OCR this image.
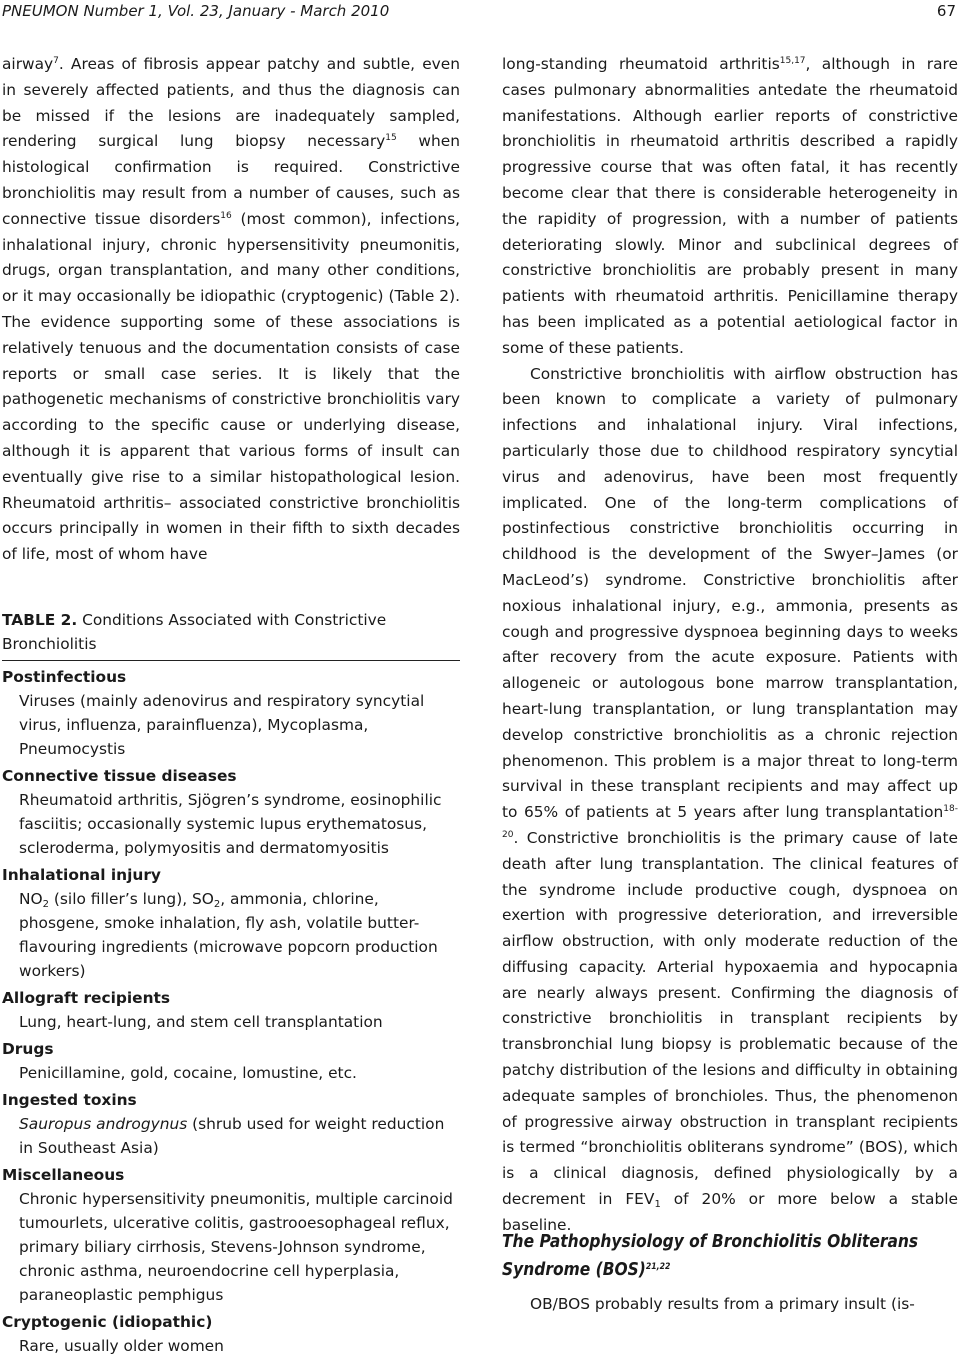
PNEUMON Number 1, Vol. 23, January - March 2010	67

airway$^7$. Areas of fibrosis appear patchy and subtle, even in severely affected patients, and thus the diagnosis can be missed if the lesions are inadequately sampled, rendering surgical lung biopsy necessary$^{15}$ when histological confirmation is required. Constrictive bronchiolitis may result from a number of causes, such as connective tissue disorders$^{16}$ (most common), infections, inhalational injury, chronic hypersensitivity pneumonitis, drugs, organ transplantation, and many other conditions, or it may occasionally be idiopathic (cryptogenic) (Table 2). The evidence supporting some of these associations is relatively tenuous and the documentation consists of case reports or small case series. It is likely that the pathogenetic mechanisms of constrictive bronchiolitis vary according to the specific cause or underlying disease, although it is apparent that various forms of insult can eventually give rise to a similar histopathological lesion. Rheumatoid arthritis– associated constrictive bronchiolitis occurs principally in women in their fifth to sixth decades of life, most of whom have

TABLE 2. Conditions Associated with Constrictive Bronchiolitis
Postinfectious
Viruses (mainly adenovirus and respiratory syncytial virus, influenza, parainfluenza), Mycoplasma, Pneumocystis
Connective tissue diseases
Rheumatoid arthritis, Sjögren’s syndrome, eosinophilic fasciitis; occasionally systemic lupus erythematosus, scleroderma, polymyositis and dermatomyositis
Inhalational injury
$NO_2$ (silo filler’s lung), $SO_2$, ammonia, chlorine, phosgene, smoke inhalation, fly ash, volatile butter-flavouring ingredients (microwave popcorn production workers)
Allograft recipients
Lung, heart-lung, and stem cell transplantation
Drugs
Penicillamine, gold, cocaine, lomustine, etc.
Ingested toxins
Sauropus androgynus (shrub used for weight reduction in Southeast Asia)
Miscellaneous
Chronic hypersensitivity pneumonitis, multiple carcinoid tumourlets, ulcerative colitis, gastrooesophageal reflux, primary biliary cirrhosis, Stevens-Johnson syndrome, chronic asthma, neuroendocrine cell hyperplasia, paraneoplastic pemphigus
Cryptogenic (idiopathic)
Rare, usually older women

long-standing rheumatoid arthritis$^{15,17}$, although in rare cases pulmonary abnormalities antedate the rheumatoid manifestations. Although earlier reports of constrictive bronchiolitis in rheumatoid arthritis described a rapidly progressive course that was often fatal, it has recently become clear that there is considerable heterogeneity in the rapidity of progression, with a number of patients deteriorating slowly. Minor and subclinical degrees of constrictive bronchiolitis are probably present in many patients with rheumatoid arthritis. Penicillamine therapy has been implicated as a potential aetiological factor in some of these patients.

Constrictive bronchiolitis with airflow obstruction has been known to complicate a variety of pulmonary infections and inhalational injury. Viral infections, particularly those due to childhood respiratory syncytial virus and adenovirus, have been most frequently implicated. One of the long-term complications of postinfectious constrictive bronchiolitis occurring in childhood is the development of the Swyer–James (or MacLeod’s) syndrome. Constrictive bronchiolitis after noxious inhalational injury, e.g., ammonia, presents as cough and progressive dyspnoea beginning days to weeks after recovery from the acute exposure. Patients with allogeneic or autologous bone marrow transplantation, heart-lung transplantation, or lung transplantation may develop constrictive bronchiolitis as a chronic rejection phenomenon. This problem is a major threat to long-term survival in these transplant recipients and may affect up to 65% of patients at 5 years after lung transplantation$^{18-20}$. Constrictive bronchiolitis is the primary cause of late death after lung transplantation. The clinical features of the syndrome include productive cough, dyspnoea on exertion with progressive deterioration, and irreversible airflow obstruction, with only moderate reduction of the diffusing capacity. Arterial hypoxaemia and hypocapnia are nearly always present. Confirming the diagnosis of constrictive bronchiolitis in transplant recipients by transbronchial lung biopsy is problematic because of the patchy distribution of the lesions and difficulty in obtaining adequate samples of bronchioles. Thus, the phenomenon of progressive airway obstruction in transplant recipients is termed “bronchiolitis obliterans syndrome” (BOS), which is a clinical diagnosis, defined physiologically by a decrement in $FEV_1$ of 20% or more below a stable baseline.

The Pathophysiology of Bronchiolitis Obliterans Syndrome (BOS)$^{21,22}$
OB/BOS probably results from a primary insult (is-
